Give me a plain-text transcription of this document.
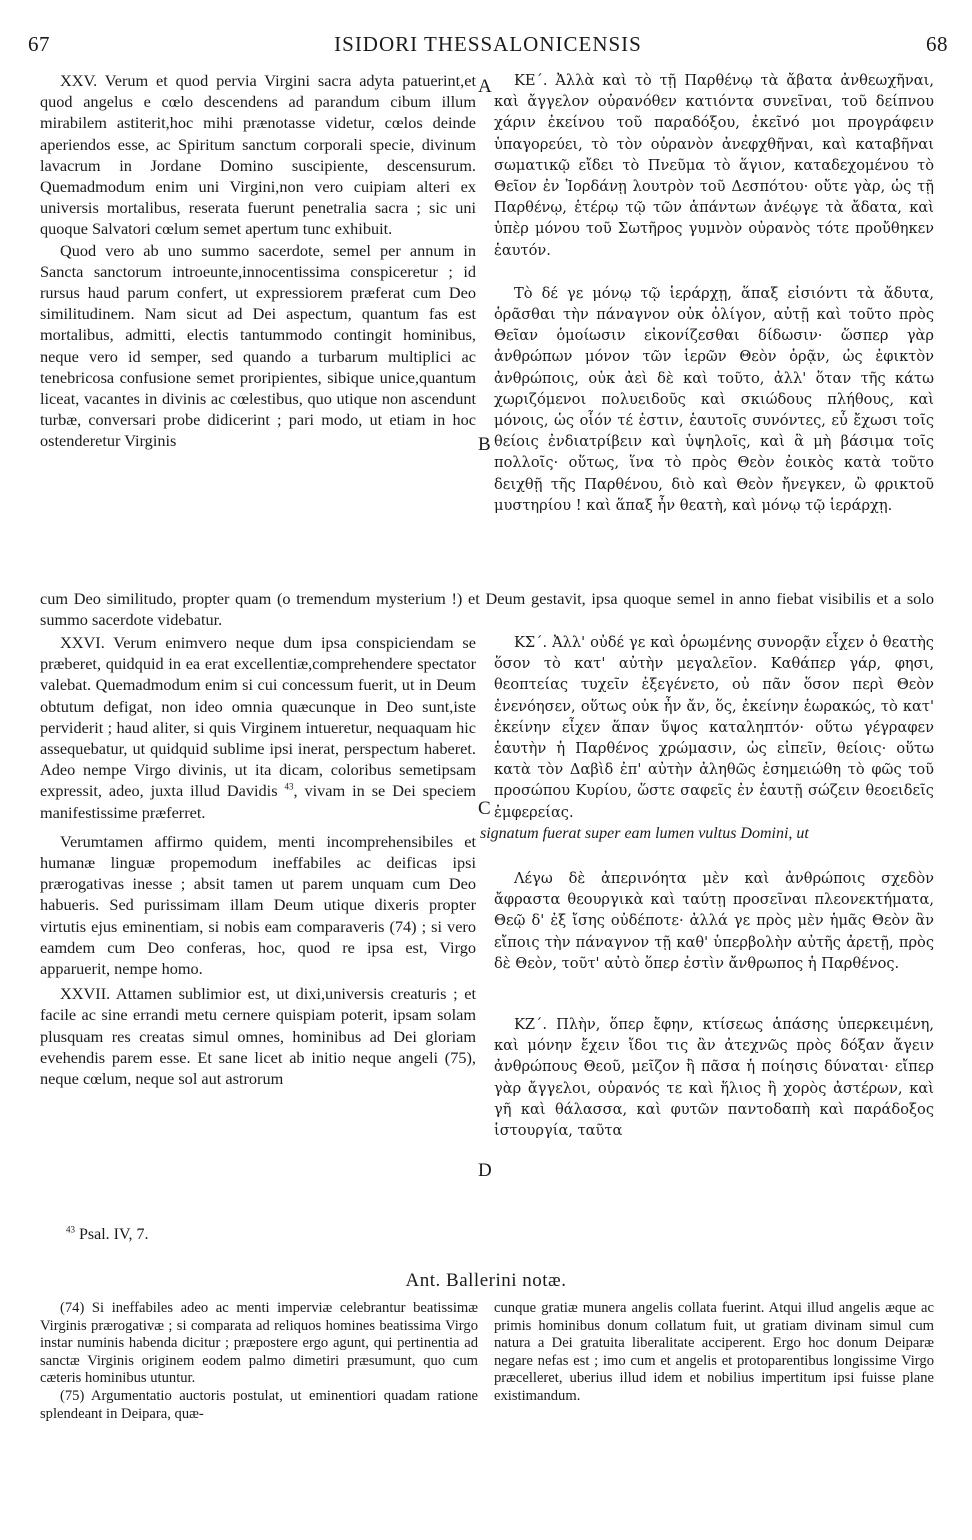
67	ISIDORI THESSALONICENSIS	68
A
B
C
D

XXV. Verum et quod pervia Virgini sacra adyta patuerint,et quod angelus e cœlo descendens ad parandum cibum illum mirabilem astiterit,hoc mihi prænotasse videtur, cœlos deinde aperiendos esse, ac Spiritum sanctum corporali specie, divinum lavacrum in Jordane Domino suscipiente, descensurum. Quemadmodum enim uni Virgini,non vero cuipiam alteri ex universis mortalibus, reserata fuerunt penetralia sacra ; sic uni quoque Salvatori cœlum semet apertum tunc exhibuit.

Quod vero ab uno summo sacerdote, semel per annum in Sancta sanctorum introeunte,innocentissima conspiceretur ; id rursus haud parum confert, ut expressiorem præferat cum Deo similitudinem. Nam sicut ad Dei aspectum, quantum fas est mortalibus, admitti, electis tantummodo contingit hominibus, neque vero id semper, sed quando a turbarum multiplici ac tenebricosa confusione semet proripientes, sibique unice,quantum liceat, vacantes in divinis ac cœlestibus, quo utique non ascendunt turbæ, conversari probe didicerint ; pari modo, ut etiam in hoc ostenderetur Virginis

ΚΕ΄. Ἀλλὰ καὶ τὸ τῇ Παρθένῳ τὰ ἄβατα ἀνθεωχῆναι, καὶ ἄγγελον οὐρανόθεν κατιόντα συνεῖναι, τοῦ δείπνου χάριν ἐκείνου τοῦ παραδόξου, ἐκεῖνό μοι προγράφειν ὑπαγορεύει, τὸ τὸν οὐρανὸν ἀνεφχθῆναι, καὶ καταβῆναι σωματικῷ εἴδει τὸ Πνεῦμα τὸ ἅγιον, καταδεχομένου τὸ Θεῖον ἐν Ἰορδάνῃ λουτρὸν τοῦ Δεσπότου· οὔτε γὰρ, ὡς τῇ Παρθένῳ, ἑτέρῳ τῷ τῶν ἁπάντων ἀνέῳγε τὰ ἄδατα, καὶ ὑπὲρ μόνου τοῦ Σωτῆρος γυμνὸν οὐρανὸς τότε προὔθηκεν ἑαυτόν.

Τὸ δέ γε μόνῳ τῷ ἱεράρχῃ, ἅπαξ εἰσιόντι τὰ ἄδυτα, ὁρᾶσθαι τὴν πάναγνον οὐκ ὀλίγον, αὐτῇ καὶ τοῦτο πρὸς Θεῖαν ὁμοίωσιν εἰκονίζεσθαι δίδωσιν· ὥσπερ γὰρ ἀνθρώπων μόνον τῶν ἱερῶν Θεὸν ὁρᾷν, ὡς ἐφικτὸν ἀνθρώποις, οὐκ ἀεὶ δὲ καὶ τοῦτο, ἀλλ' ὅταν τῆς κάτω χωριζόμενοι πολυειδοῦς καὶ σκιώδους πλήθους, καὶ μόνοις, ὡς οἷόν τέ ἐστιν, ἑαυτοῖς συνόντες, εὖ ἔχωσι τοῖς θείοις ἐνδιατρίβειν καὶ ὑψηλοῖς, καὶ ἃ μὴ βάσιμα τοῖς πολλοῖς· οὕτως, ἵνα τὸ πρὸς Θεὸν ἐοικὸς κατὰ τοῦτο δειχθῇ τῆς Παρθένου, διὸ καὶ Θεὸν ἤνεγκεν, ὢ φρικτοῦ μυστηρίου ! καὶ ἅπαξ ἦν θεατὴ, καὶ μόνῳ τῷ ἱεράρχῃ.

cum Deo similitudo, propter quam (o tremendum mysterium !) et Deum gestavit, ipsa quoque semel in anno fiebat visibilis et a solo summo sacerdote videbatur.

XXVI. Verum enimvero neque dum ipsa conspiciendam se præberet, quidquid in ea erat excellentiæ,comprehendere spectator valebat. Quemadmodum enim si cui concessum fuerit, ut in Deum obtutum defigat, non ideo omnia quæcunque in Deo sunt,iste perviderit ; haud aliter, si quis Virginem intueretur, nequaquam hic assequebatur, ut quidquid sublime ipsi inerat, perspectum haberet. Adeo nempe Virgo divinis, ut ita dicam, coloribus semetipsam expressit, adeo, juxta illud Davidis $^{43}$, vivam in se Dei speciem manifestissime præferret.

Verumtamen affirmo quidem, menti incomprehensibiles et humanæ linguæ propemodum ineffabiles ac deificas ipsi prærogativas inesse ; absit tamen ut parem unquam cum Deo habueris. Sed purissimam illam Deum utique dixeris propter virtutis ejus eminentiam, si nobis eam comparaveris (74) ; si vero eamdem cum Deo conferas, hoc, quod re ipsa est, Virgo apparuerit, nempe homo.

XXVII. Attamen sublimior est, ut dixi,universis creaturis ; et facile ac sine errandi metu cernere quispiam poterit, ipsam solam plusquam res creatas simul omnes, hominibus ad Dei gloriam evehendis parem esse. Et sane licet ab initio neque angeli (75), neque cœlum, neque sol aut astrorum

ΚΣ΄. Ἀλλ' οὐδέ γε καὶ ὁρωμένης συνορᾷν εἶχεν ὁ θεατὴς ὅσον τὸ κατ' αὐτὴν μεγαλεῖον. Καθάπερ γάρ, φησι, θεοπτείας τυχεῖν ἐξεγένετο, οὐ πᾶν ὅσον περὶ Θεὸν ἐνενόησεν, οὕτως οὐκ ἦν ἄν, ὅς, ἐκείνην ἑωρακώς, τὸ κατ' ἐκείνην εἶχεν ἅπαν ὕψος καταληπτόν· οὕτω γέγραφεν ἑαυτὴν ἡ Παρθένος χρώμασιν, ὡς εἰπεῖν, θείοις· οὕτω κατὰ τὸν Δαβὶδ ἐπ' αὐτὴν ἀληθῶς ἐσημειώθη τὸ φῶς τοῦ προσώπου Κυρίου, ὥστε σαφεῖς ἐν ἑαυτῇ σώζειν θεοειδεῖς ἐμφερείας.

signatum fuerat super eam lumen vultus Domini, ut

Λέγω δὲ ἀπερινόητα μὲν καὶ ἀνθρώποις σχεδὸν ἄφραστα θεουργικὰ καὶ ταύτῃ προσεῖναι πλεονεκτήματα, Θεῷ δ' ἐξ ἴσης οὐδέποτε· ἀλλά γε πρὸς μὲν ἡμᾶς Θεὸν ἂν εἴποις τὴν πάναγνον τῇ καθ' ὑπερβολὴν αὐτῆς ἀρετῇ, πρὸς δὲ Θεὸν, τοῦτ' αὐτὸ ὅπερ ἐστὶν ἄνθρωπος ἡ Παρθένος.

ΚΖ΄. Πλὴν, ὅπερ ἔφην, κτίσεως ἁπάσης ὑπερκειμένη, καὶ μόνην ἔχειν ἴδοι τις ἂν ἀτεχνῶς πρὸς δόξαν ἄγειν ἀνθρώπους Θεοῦ, μεῖζον ἢ πᾶσα ἡ ποίησις δύναται· εἴπερ γὰρ ἄγγελοι, οὐρανός τε καὶ ἥλιος ἢ χορὸς ἀστέρων, καὶ γῆ καὶ θάλασσα, καὶ φυτῶν παντοδαπὴ καὶ παράδοξος ἱστουργία, ταῦτα

$^{43}$ Psal. IV, 7.
Ant. Ballerini notæ.

(74) Si ineffabiles adeo ac menti imperviæ celebrantur beatissimæ Virginis prærogativæ ; si comparata ad reliquos homines beatissima Virgo instar numinis habenda dicitur ; præpostere ergo agunt, qui pertinentia ad sanctæ Virginis originem eodem palmo dimetiri præsumunt, quo cum cæteris hominibus utuntur.

(75) Argumentatio auctoris postulat, ut eminentiori quadam ratione splendeant in Deipara, quæ-

cunque gratiæ munera angelis collata fuerint. Atqui illud angelis æque ac primis hominibus donum collatum fuit, ut gratiam divinam simul cum natura a Dei gratuita liberalitate acciperent. Ergo hoc donum Deiparæ negare nefas est ; imo cum et angelis et protoparentibus longissime Virgo præcelleret, uberius illud idem et nobilius impertitum ipsi fuisse plane existimandum.
